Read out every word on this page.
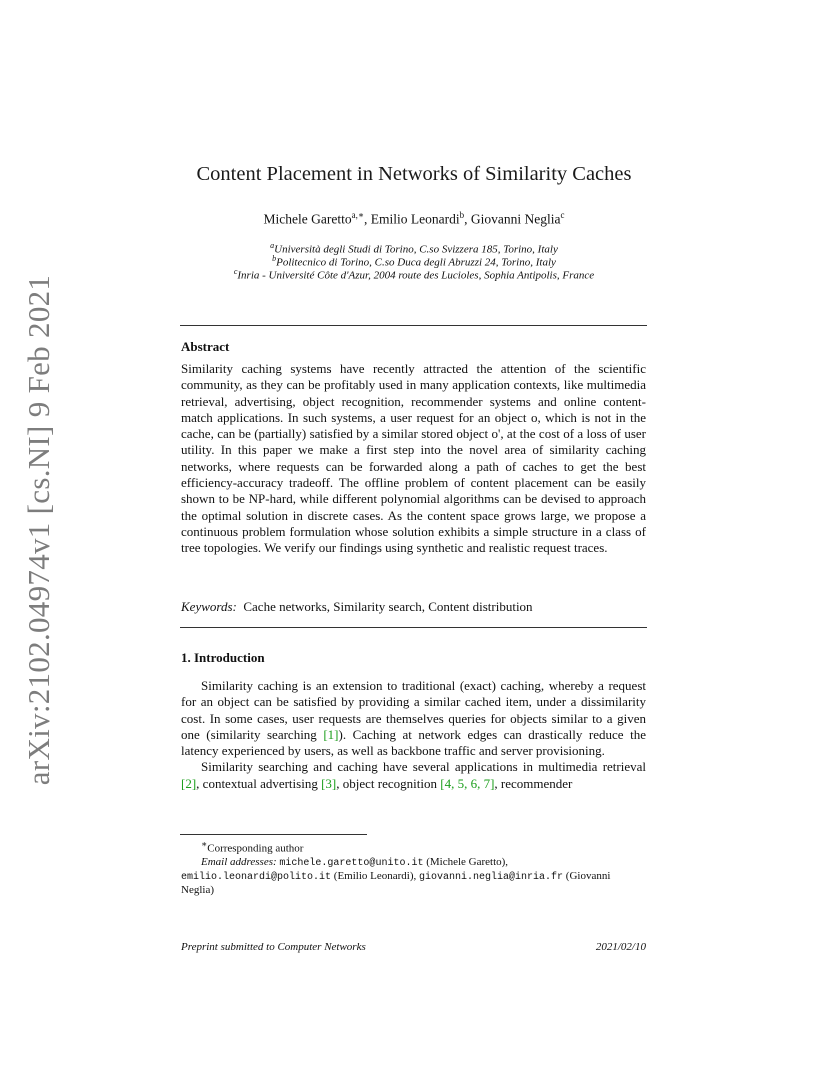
arXiv:2102.04974v1 [cs.NI] 9 Feb 2021
Content Placement in Networks of Similarity Caches
Michele Garetto$^{a,∗}$, Emilio Leonardi$^b$, Giovanni Neglia$^c$
$^a$Università degli Studi di Torino, C.so Svizzera 185, Torino, Italy
$^b$Politecnico di Torino, C.so Duca degli Abruzzi 24, Torino, Italy
$^c$Inria - Université Côte d'Azur, 2004 route des Lucioles, Sophia Antipolis, France
Abstract
Similarity caching systems have recently attracted the attention of the scientific community, as they can be profitably used in many application contexts, like multimedia retrieval, advertising, object recognition, recommender systems and online content-match applications. In such systems, a user request for an object o, which is not in the cache, can be (partially) satisfied by a similar stored object o', at the cost of a loss of user utility. In this paper we make a first step into the novel area of similarity caching networks, where requests can be forwarded along a path of caches to get the best efficiency-accuracy tradeoff. The offline problem of content placement can be easily shown to be NP-hard, while different polynomial algorithms can be devised to approach the optimal solution in discrete cases. As the content space grows large, we propose a continuous problem formulation whose solution exhibits a simple structure in a class of tree topologies. We verify our findings using synthetic and realistic request traces.
Keywords: Cache networks, Similarity search, Content distribution
1. Introduction

Similarity caching is an extension to traditional (exact) caching, whereby a request for an object can be satisfied by providing a similar cached item, under a dissimilarity cost. In some cases, user requests are themselves queries for objects similar to a given one (similarity searching [1]). Caching at network edges can drastically reduce the latency experienced by users, as well as backbone traffic and server provisioning.

Similarity searching and caching have several applications in multimedia retrieval [2], contextual advertising [3], object recognition [4, 5, 6, 7], recommender

∗Corresponding author
Email addresses: michele.garetto@unito.it (Michele Garetto),
emilio.leonardi@polito.it (Emilio Leonardi), giovanni.neglia@inria.fr (Giovanni Neglia)
Preprint submitted to Computer Networks	2021/02/10
